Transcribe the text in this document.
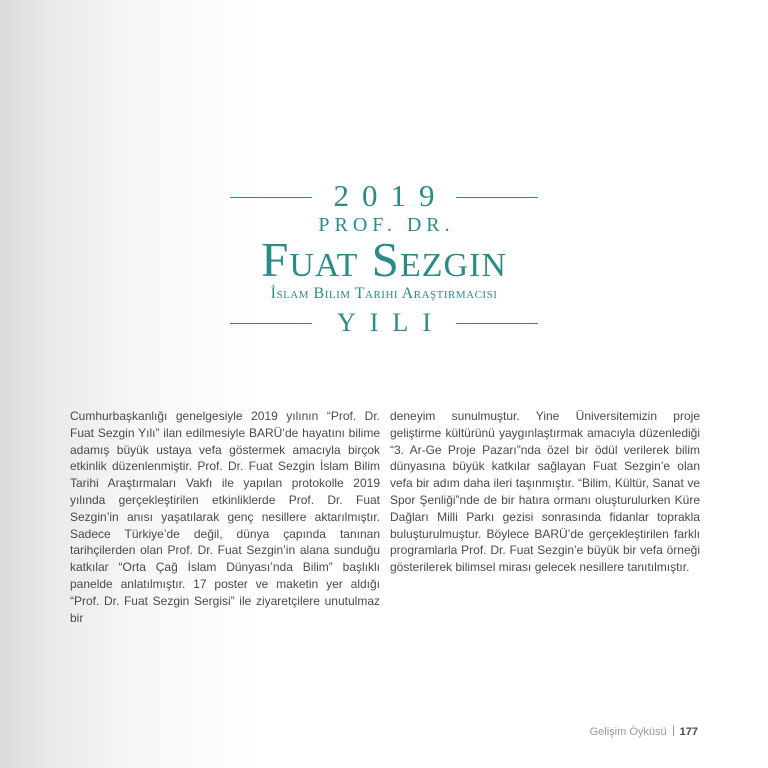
2019
PROF. DR.
Fuat Sezgin
İslam Bilim Tarihi Araştırmacısı
YILI
Cumhurbaşkanlığı genelgesiyle 2019 yılının “Prof. Dr. Fuat Sezgin Yılı” ilan edilmesiyle BARÜ’de hayatını bilime adamış büyük ustaya vefa göstermek amacıyla birçok etkinlik düzenlenmiştir. Prof. Dr. Fuat Sezgin İslam Bilim Tarihi Araştırmaları Vakfı ile yapılan protokolle 2019 yılında gerçekleştirilen etkinliklerde Prof. Dr. Fuat Sezgin’in anısı yaşatılarak genç nesillere aktarılmıştır. Sadece Türkiye’de değil, dünya çapında tanınan tarihçilerden olan Prof. Dr. Fuat Sezgin’in alana sunduğu katkılar “Orta Çağ İslam Dünyası’nda Bilim” başlıklı panelde anlatılmıştır. 17 poster ve maketin yer aldığı “Prof. Dr. Fuat Sezgin Sergisi” ile ziyaretçilere unutulmaz bir
deneyim sunulmuştur. Yine Üniversitemizin proje geliştirme kültürünü yaygınlaştırmak amacıyla düzenlediği “3. Ar-Ge Proje Pazarı”nda özel bir ödül verilerek bilim dünyasına büyük katkılar sağlayan Fuat Sezgin’e olan vefa bir adım daha ileri taşınmıştır. “Bilim, Kültür, Sanat ve Spor Şenliği”nde de bir hatıra ormanı oluşturulurken Küre Dağları Milli Parkı gezisi sonrasında fidanlar toprakla buluşturulmuştur. Böylece BARÜ’de gerçekleştirilen farklı programlarla Prof. Dr. Fuat Sezgin’e büyük bir vefa örneği gösterilerek bilimsel mirası gelecek nesillere tanıtılmıştır.
Gelişim Öyküsü 177
